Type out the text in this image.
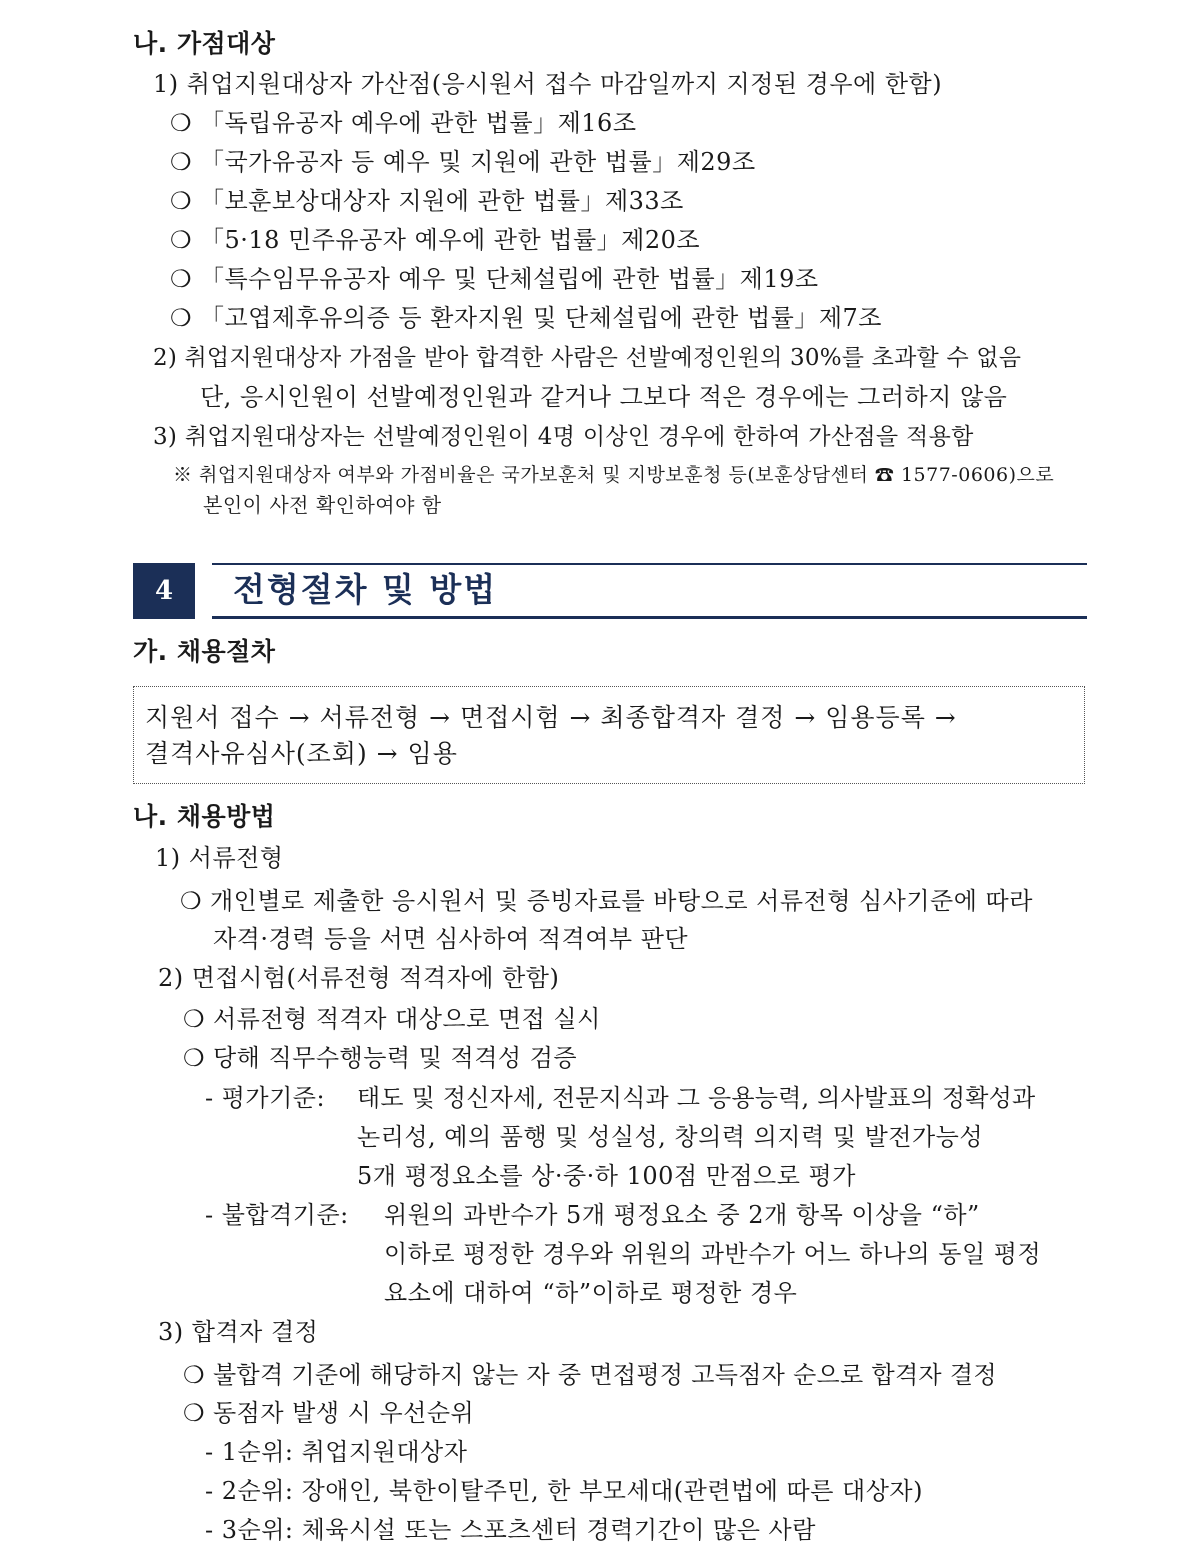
나. 가점대상
1) 취업지원대상자 가산점(응시원서 접수 마감일까지 지정된 경우에 한함)
❍ 「독립유공자 예우에 관한 법률」제16조
❍ 「국가유공자 등 예우 및 지원에 관한 법률」제29조
❍ 「보훈보상대상자 지원에 관한 법률」제33조
❍ 「5·18 민주유공자 예우에 관한 법률」제20조
❍ 「특수임무유공자 예우 및 단체설립에 관한 법률」제19조
❍ 「고엽제후유의증 등 환자지원 및 단체설립에 관한 법률」제7조
2) 취업지원대상자 가점을 받아 합격한 사람은 선발예정인원의 30%를 초과할 수 없음
단, 응시인원이 선발예정인원과 같거나 그보다 적은 경우에는 그러하지 않음
3) 취업지원대상자는 선발예정인원이 4명 이상인 경우에 한하여 가산점을 적용함
※ 취업지원대상자 여부와 가점비율은 국가보훈처 및 지방보훈청 등(보훈상담센터 ☎ 1577-0606)으로
본인이 사전 확인하여야 함
4	전형절차 및 방법
가. 채용절차
지원서 접수 → 서류전형 → 면접시험 → 최종합격자 결정 → 임용등록 →
결격사유심사(조회) → 임용
나. 채용방법
1) 서류전형
❍ 개인별로 제출한 응시원서 및 증빙자료를 바탕으로 서류전형 심사기준에 따라
자격·경력 등을 서면 심사하여 적격여부 판단
2) 면접시험(서류전형 적격자에 한함)
❍ 서류전형 적격자 대상으로 면접 실시
❍ 당해 직무수행능력 및 적격성 검증
- 평가기준: 태도 및 정신자세, 전문지식과 그 응용능력, 의사발표의 정확성과
논리성, 예의 품행 및 성실성, 창의력 의지력 및 발전가능성
5개 평정요소를 상·중·하 100점 만점으로 평가
- 불합격기준: 위원의 과반수가 5개 평정요소 중 2개 항목 이상을 “하”
이하로 평정한 경우와 위원의 과반수가 어느 하나의 동일 평정
요소에 대하여 “하”이하로 평정한 경우
3) 합격자 결정
❍ 불합격 기준에 해당하지 않는 자 중 면접평정 고득점자 순으로 합격자 결정
❍ 동점자 발생 시 우선순위
- 1순위: 취업지원대상자
- 2순위: 장애인, 북한이탈주민, 한 부모세대(관련법에 따른 대상자)
- 3순위: 체육시설 또는 스포츠센터 경력기간이 많은 사람
